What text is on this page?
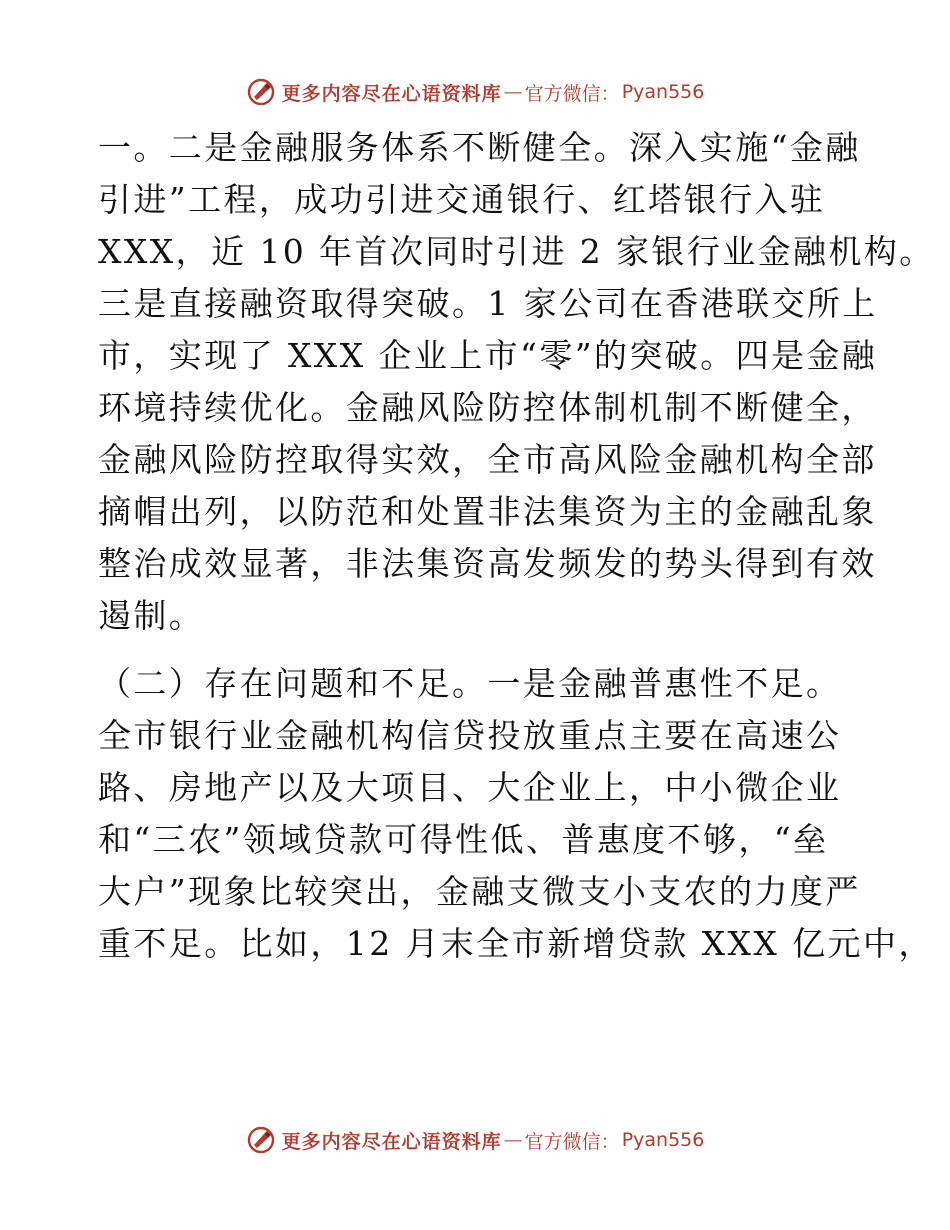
更多内容尽在心语资料库 — 官方微信： Pyan556

一。二是金融服务体系不断健全。深入实施“金融

引进”工程，成功引进交通银行、红塔银行入驻

XXX，近 10 年首次同时引进 2 家银行业金融机构。

三是直接融资取得突破。1 家公司在香港联交所上

市，实现了 XXX 企业上市“零”的突破。四是金融

环境持续优化。金融风险防控体制机制不断健全，

金融风险防控取得实效，全市高风险金融机构全部

摘帽出列，以防范和处置非法集资为主的金融乱象

整治成效显著，非法集资高发频发的势头得到有效

遏制。

（二）存在问题和不足。一是金融普惠性不足。

全市银行业金融机构信贷投放重点主要在高速公

路、房地产以及大项目、大企业上，中小微企业

和“三农”领域贷款可得性低、普惠度不够，“垒

大户”现象比较突出，金融支微支小支农的力度严

重不足。比如，12 月末全市新增贷款 XXX 亿元中，

更多内容尽在心语资料库 — 官方微信： Pyan556
